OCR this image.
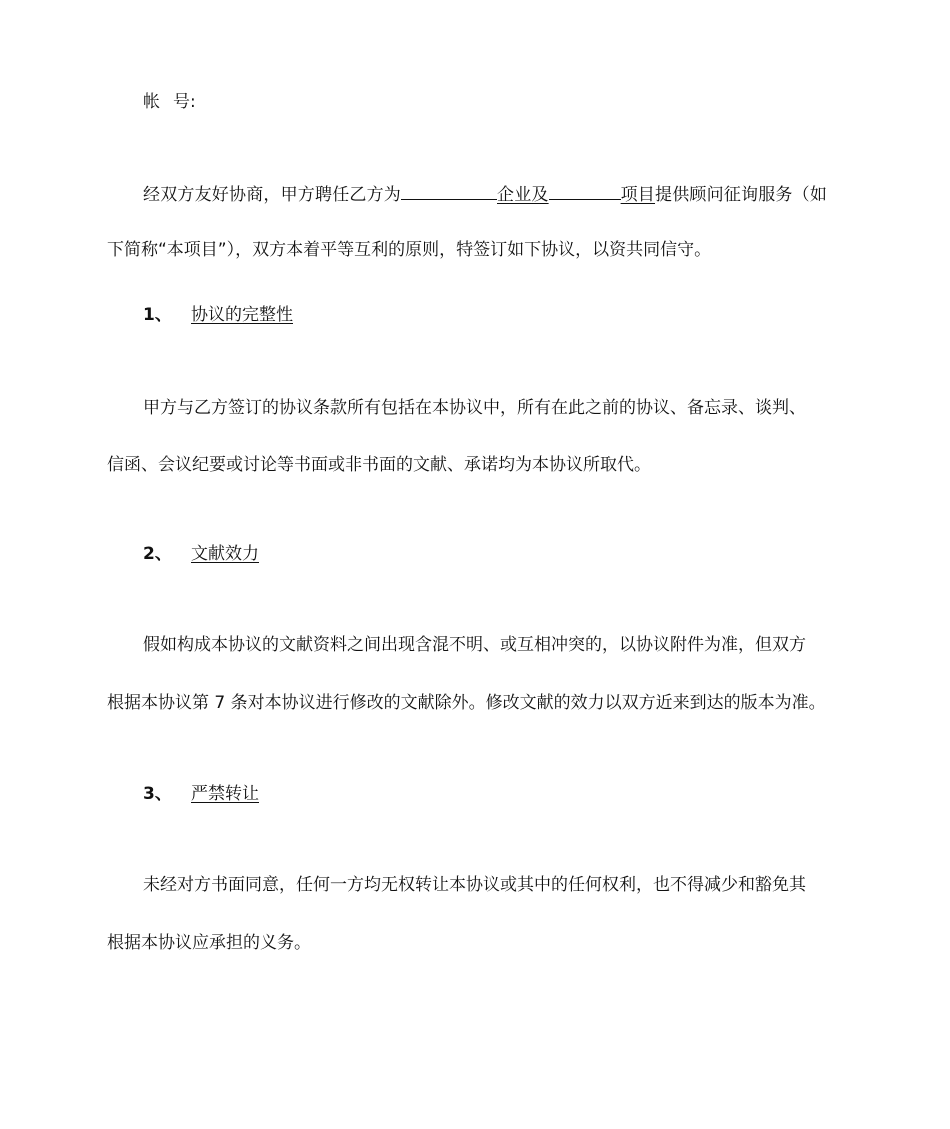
帐 号:
经双方友好协商，甲方聘任乙方为	企业及	项目提供顾问征询服务（如
下简称“本项目”），双方本着平等互利的原则，特签订如下协议，以资共同信守。
1、 协议的完整性
甲方与乙方签订的协议条款所有包括在本协议中，所有在此之前的协议、备忘录、谈判、
信函、会议纪要或讨论等书面或非书面的文献、承诺均为本协议所取代。
2、 文献效力
假如构成本协议的文献资料之间出现含混不明、或互相冲突的，以协议附件为准，但双方
根据本协议第 7 条对本协议进行修改的文献除外。修改文献的效力以双方近来到达的版本为准。
3、 严禁转让
未经对方书面同意，任何一方均无权转让本协议或其中的任何权利，也不得减少和豁免其
根据本协议应承担的义务。
